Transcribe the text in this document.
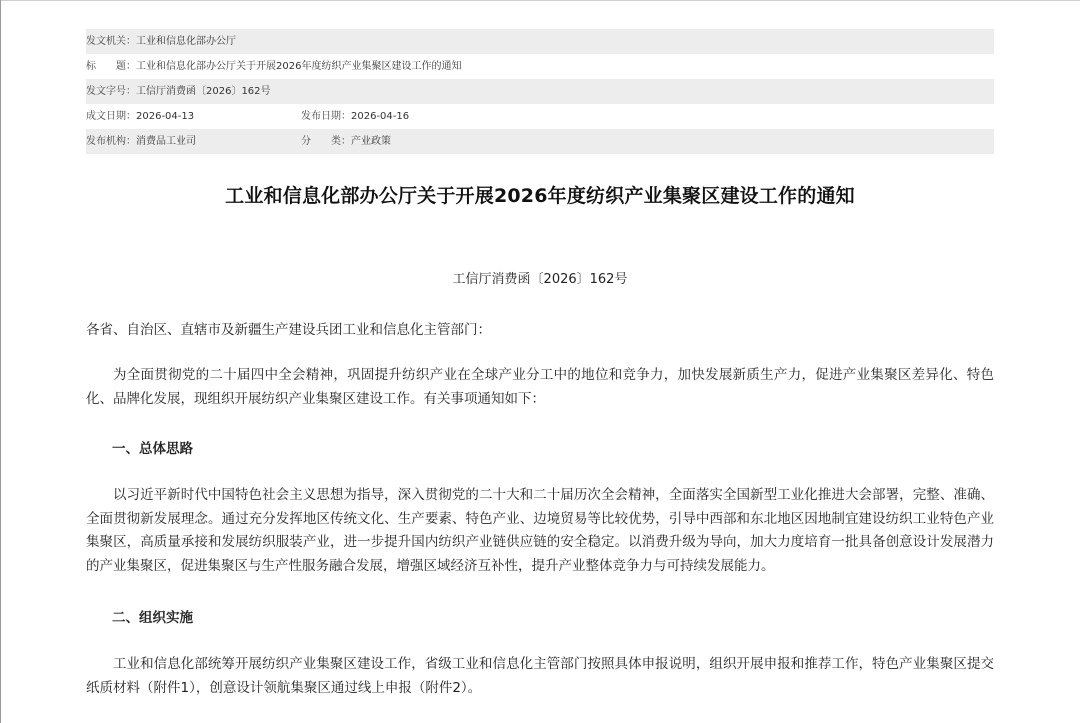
发文机关： 工业和信息化部办公厅
标　　题： 工业和信息化部办公厅关于开展2026年度纺织产业集聚区建设工作的通知
发文字号： 工信厅消费函〔2026〕162号
成文日期： 2026-04-13	发布日期： 2026-04-16
发布机构： 消费品工业司	分　　类： 产业政策
工业和信息化部办公厅关于开展2026年度纺织产业集聚区建设工作的通知
工信厅消费函〔2026〕162号
各省、自治区、直辖市及新疆生产建设兵团工业和信息化主管部门：
为全面贯彻党的二十届四中全会精神，巩固提升纺织产业在全球产业分工中的地位和竞争力，加快发展新质生产力，促进产业集聚区差异化、特色化、品牌化发展，现组织开展纺织产业集聚区建设工作。有关事项通知如下：
一、总体思路
以习近平新时代中国特色社会主义思想为指导，深入贯彻党的二十大和二十届历次全会精神，全面落实全国新型工业化推进大会部署，完整、准确、全面贯彻新发展理念。通过充分发挥地区传统文化、生产要素、特色产业、边境贸易等比较优势，引导中西部和东北地区因地制宜建设纺织工业特色产业集聚区，高质量承接和发展纺织服装产业，进一步提升国内纺织产业链供应链的安全稳定。以消费升级为导向，加大力度培育一批具备创意设计发展潜力的产业集聚区，促进集聚区与生产性服务融合发展，增强区域经济互补性，提升产业整体竞争力与可持续发展能力。
二、组织实施
工业和信息化部统筹开展纺织产业集聚区建设工作，省级工业和信息化主管部门按照具体申报说明，组织开展申报和推荐工作，特色产业集聚区提交纸质材料（附件1），创意设计领航集聚区通过线上申报（附件2）。
